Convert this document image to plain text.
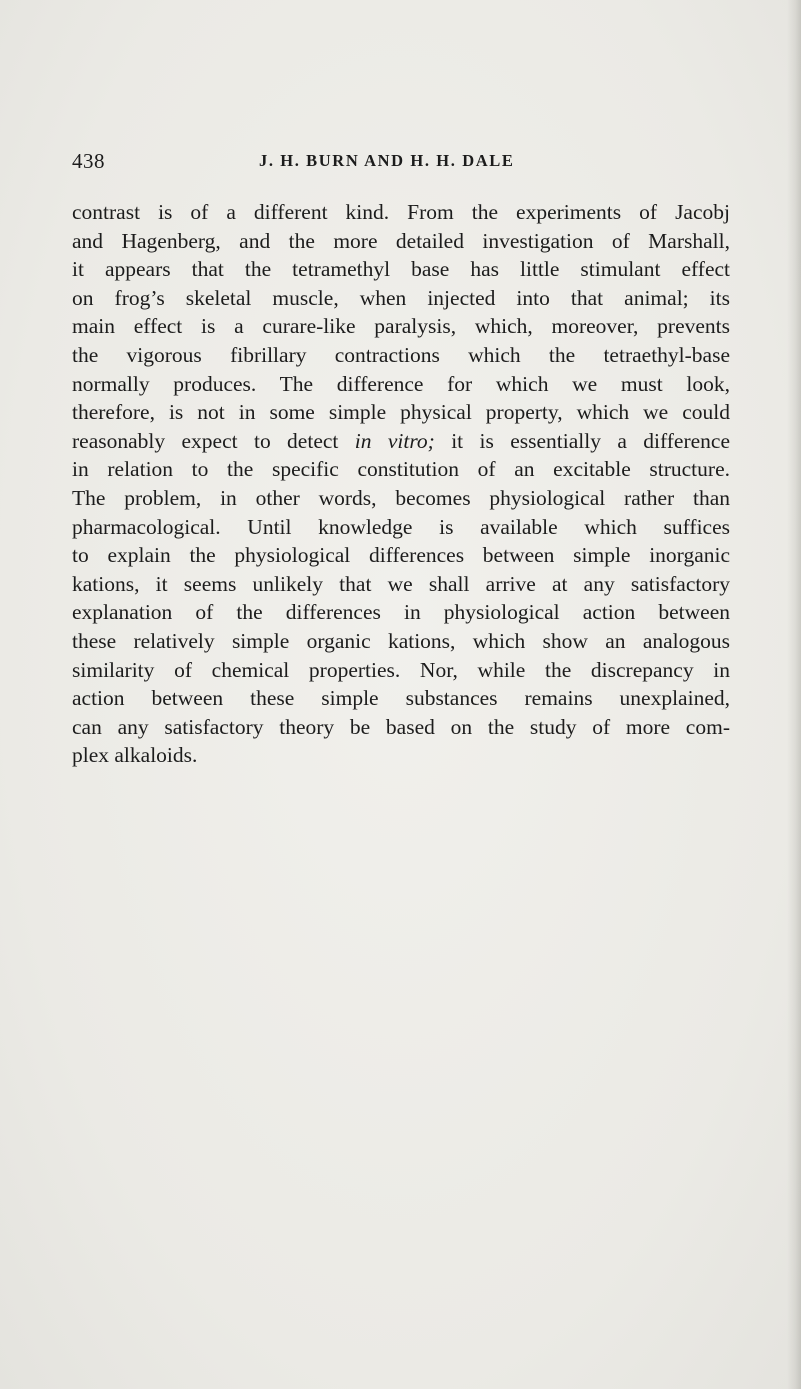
438	J. H. BURN AND H. H. DALE
contrast is of a different kind. From the experiments of Jacobj
and Hagenberg, and the more detailed investigation of Marshall,
it appears that the tetramethyl base has little stimulant effect
on frog’s skeletal muscle, when injected into that animal; its
main effect is a curare-like paralysis, which, moreover, prevents
the vigorous fibrillary contractions which the tetraethyl-base
normally produces. The difference for which we must look,
therefore, is not in some simple physical property, which we could
reasonably expect to detect in vitro; it is essentially a difference
in relation to the specific constitution of an excitable structure.
The problem, in other words, becomes physiological rather than
pharmacological. Until knowledge is available which suffices
to explain the physiological differences between simple inorganic
kations, it seems unlikely that we shall arrive at any satisfactory
explanation of the differences in physiological action between
these relatively simple organic kations, which show an analogous
similarity of chemical properties. Nor, while the discrepancy in
action between these simple substances remains unexplained,
can any satisfactory theory be based on the study of more com-
plex alkaloids.
